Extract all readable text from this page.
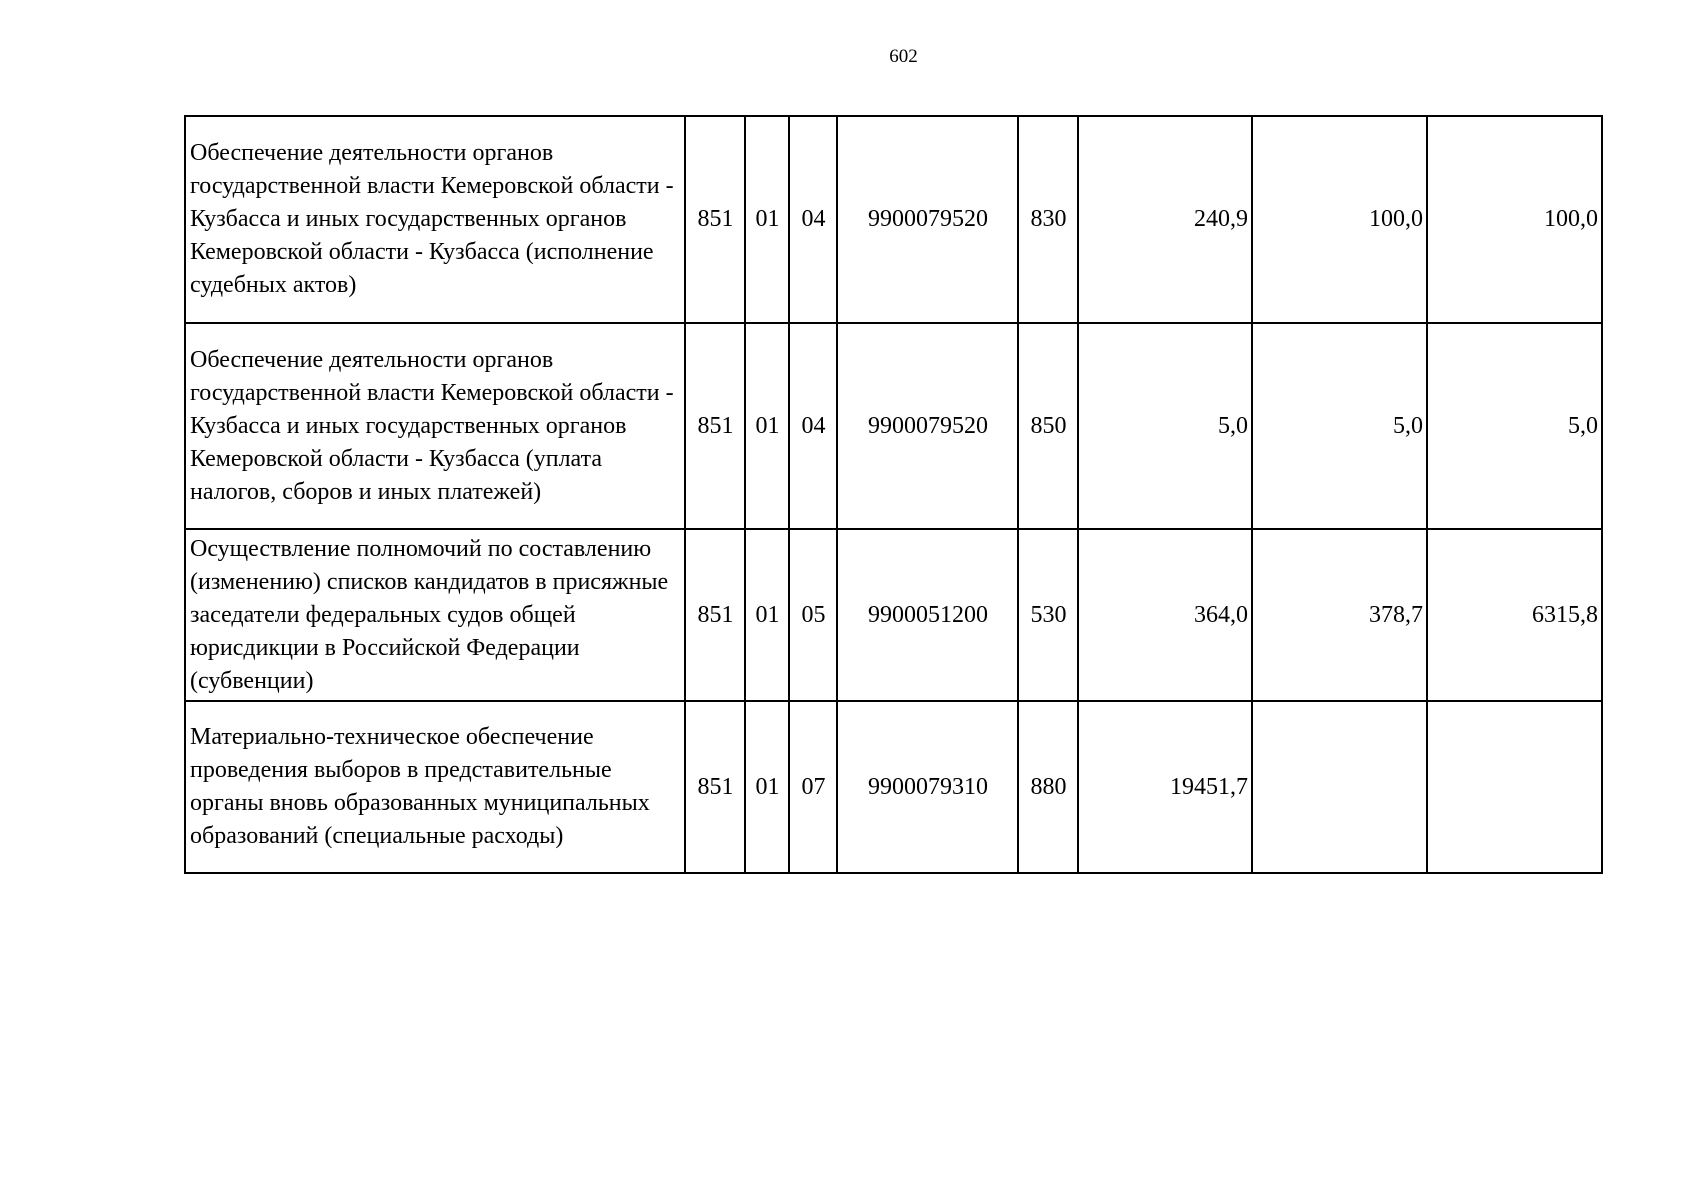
602
Обеспечение деятельности органов государственной власти Кемеровской области - Кузбасса и иных государственных органов Кемеровской области - Кузбасса (исполнение судебных актов)	851	01	04	9900079520	830	240,9	100,0	100,0
Обеспечение деятельности органов государственной власти Кемеровской области - Кузбасса и иных государственных органов Кемеровской области - Кузбасса (уплата налогов, сборов и иных платежей)	851	01	04	9900079520	850	5,0	5,0	5,0
Осуществление полномочий по составлению (изменению) списков кандидатов в присяжные заседатели федеральных судов общей юрисдикции в Российской Федерации (субвенции)	851	01	05	9900051200	530	364,0	378,7	6315,8
Материально-техническое обеспечение проведения выборов в представительные органы вновь образованных муниципальных образований (специальные расходы)	851	01	07	9900079310	880	19451,7		
